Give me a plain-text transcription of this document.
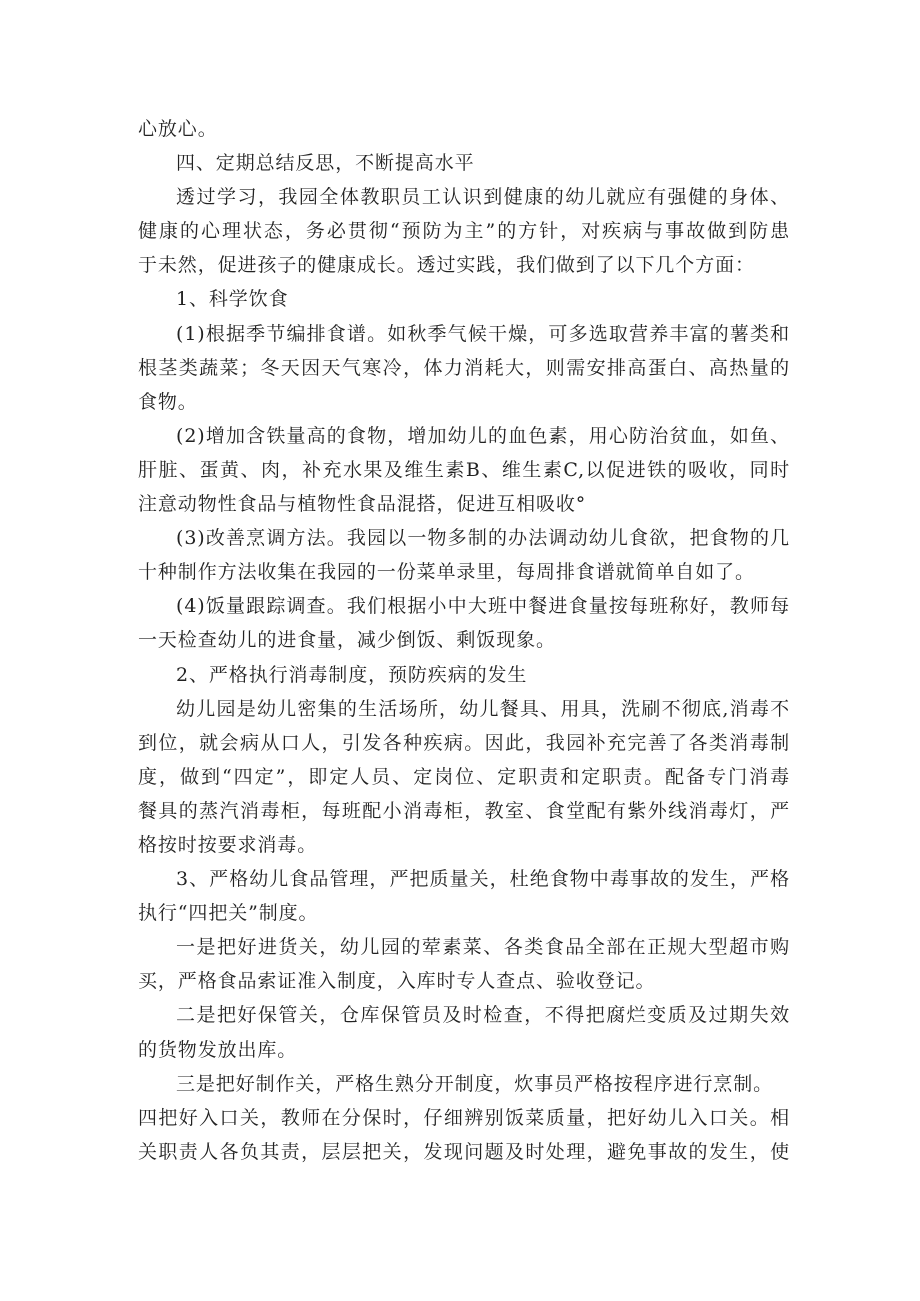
心放心。
四、定期总结反思，不断提高水平
透过学习，我园全体教职员工认识到健康的幼儿就应有强健的身体、
健康的心理状态，务必贯彻“预防为主”的方针，对疾病与事故做到防患
于未然，促进孩子的健康成长。透过实践，我们做到了以下几个方面：
1、科学饮食
(1)根据季节编排食谱。如秋季气候干燥，可多选取营养丰富的薯类和
根茎类蔬菜；冬天因天气寒冷，体力消耗大，则需安排高蛋白、高热量的
食物。
(2)增加含铁量高的食物，增加幼儿的血色素，用心防治贫血，如鱼、
肝脏、蛋黄、肉，补充水果及维生素B、维生素C,以促进铁的吸收，同时
注意动物性食品与植物性食品混搭，促进互相吸收°
(3)改善烹调方法。我园以一物多制的办法调动幼儿食欲，把食物的几
十种制作方法收集在我园的一份菜单录里，每周排食谱就简单自如了。
(4)饭量跟踪调查。我们根据小中大班中餐进食量按每班称好，教师每
一天检查幼儿的进食量，减少倒饭、剩饭现象。
2、严格执行消毒制度，预防疾病的发生
幼儿园是幼儿密集的生活场所，幼儿餐具、用具，洗刷不彻底,消毒不
到位，就会病从口人，引发各种疾病。因此，我园补充完善了各类消毒制
度，做到“四定”，即定人员、定岗位、定职责和定职责。配备专门消毒
餐具的蒸汽消毒柜，每班配小消毒柜，教室、食堂配有紫外线消毒灯，严
格按时按要求消毒。
3、严格幼儿食品管理，严把质量关，杜绝食物中毒事故的发生，严格
执行“四把关”制度。
一是把好进货关，幼儿园的荤素菜、各类食品全部在正规大型超市购
买，严格食品索证准入制度，入库时专人查点、验收登记。
二是把好保管关，仓库保管员及时检查，不得把腐烂变质及过期失效
的货物发放出库。
三是把好制作关，严格生熟分开制度，炊事员严格按程序进行烹制。
四把好入口关，教师在分保时，仔细辨别饭菜质量，把好幼儿入口关。相
关职责人各负其责，层层把关，发现问题及时处理，避免事故的发生，使
